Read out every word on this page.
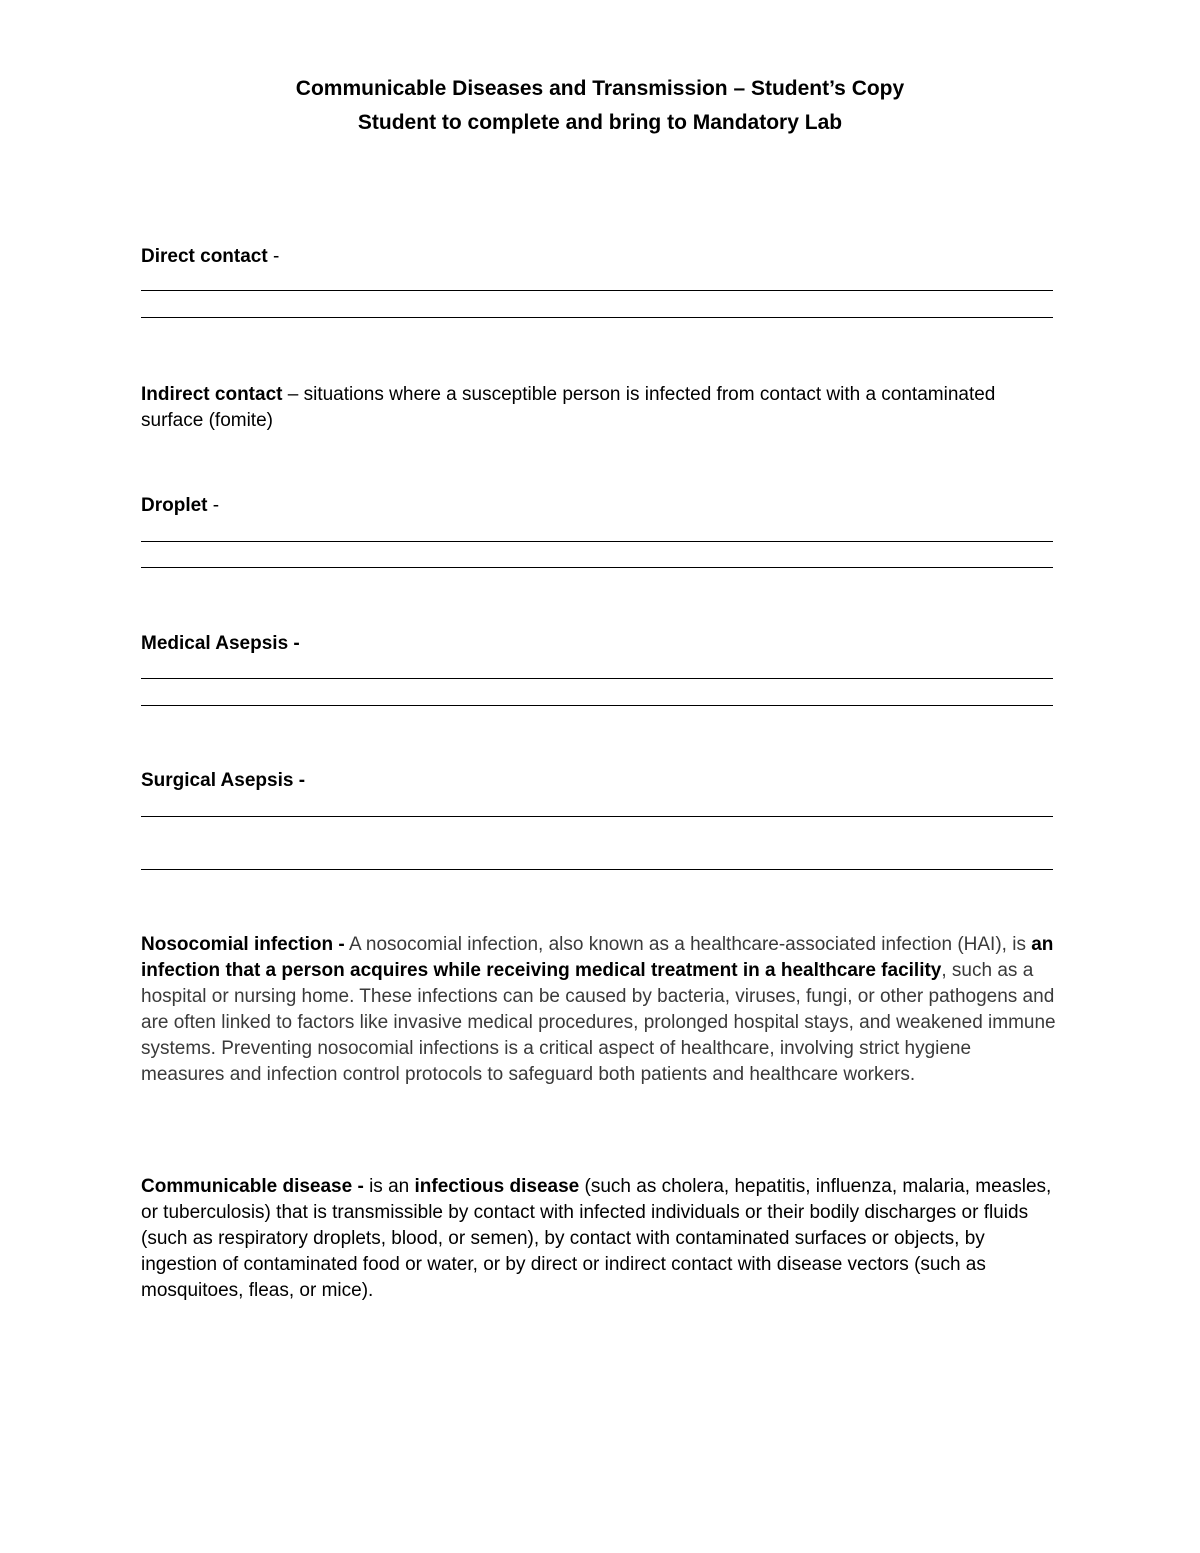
Communicable Diseases and Transmission – Student’s Copy
Student to complete and bring to Mandatory Lab
Direct contact -
Indirect contact – situations where a susceptible person is infected from contact with a contaminated surface (fomite)
Droplet -
Medical Asepsis -
Surgical Asepsis -
Nosocomial infection - A nosocomial infection, also known as a healthcare-associated infection (HAI), is an infection that a person acquires while receiving medical treatment in a healthcare facility, such as a hospital or nursing home. These infections can be caused by bacteria, viruses, fungi, or other pathogens and are often linked to factors like invasive medical procedures, prolonged hospital stays, and weakened immune systems. Preventing nosocomial infections is a critical aspect of healthcare, involving strict hygiene measures and infection control protocols to safeguard both patients and healthcare workers.
Communicable disease - is an infectious disease (such as cholera, hepatitis, influenza, malaria, measles, or tuberculosis) that is transmissible by contact with infected individuals or their bodily discharges or fluids (such as respiratory droplets, blood, or semen), by contact with contaminated surfaces or objects, by ingestion of contaminated food or water, or by direct or indirect contact with disease vectors (such as mosquitoes, fleas, or mice).
